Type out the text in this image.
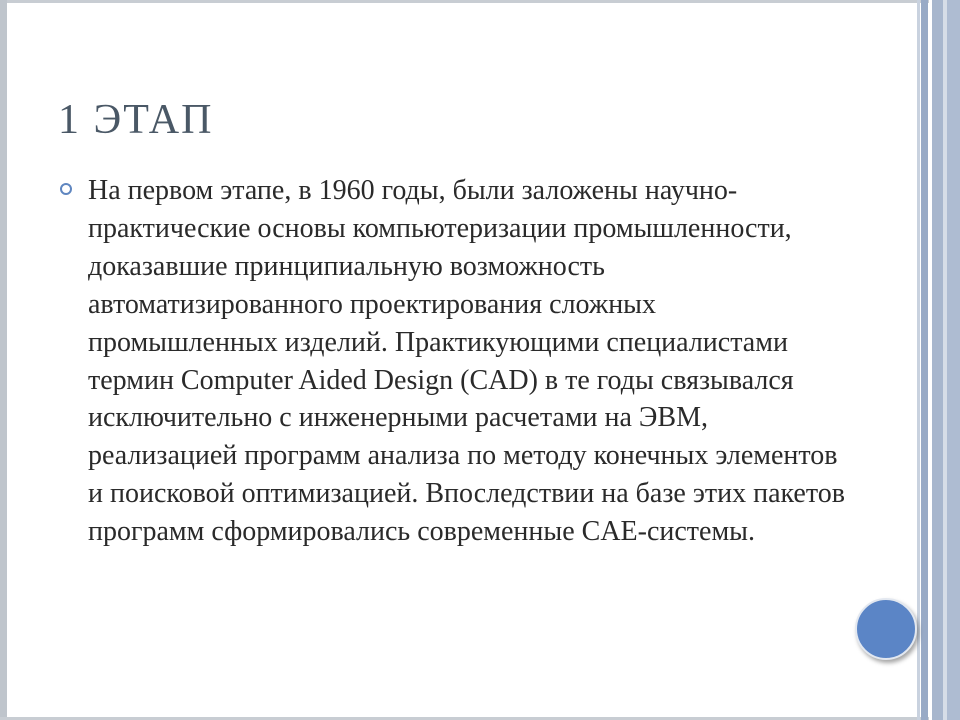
1 ЭТАП

На первом этапе, в 1960 годы, были заложены научно-практические основы компьютеризации промышленности, доказавшие принципиальную возможность автоматизированного проектирования сложных промышленных изделий. Практикующими специалистами термин Computer Aided Design (CAD) в те годы связывался исключительно с инженерными расчетами на ЭВМ, реализацией программ анализа по методу конечных элементов и поисковой оптимизацией. Впоследствии на базе этих пакетов программ сформировались современные CAE-системы.
